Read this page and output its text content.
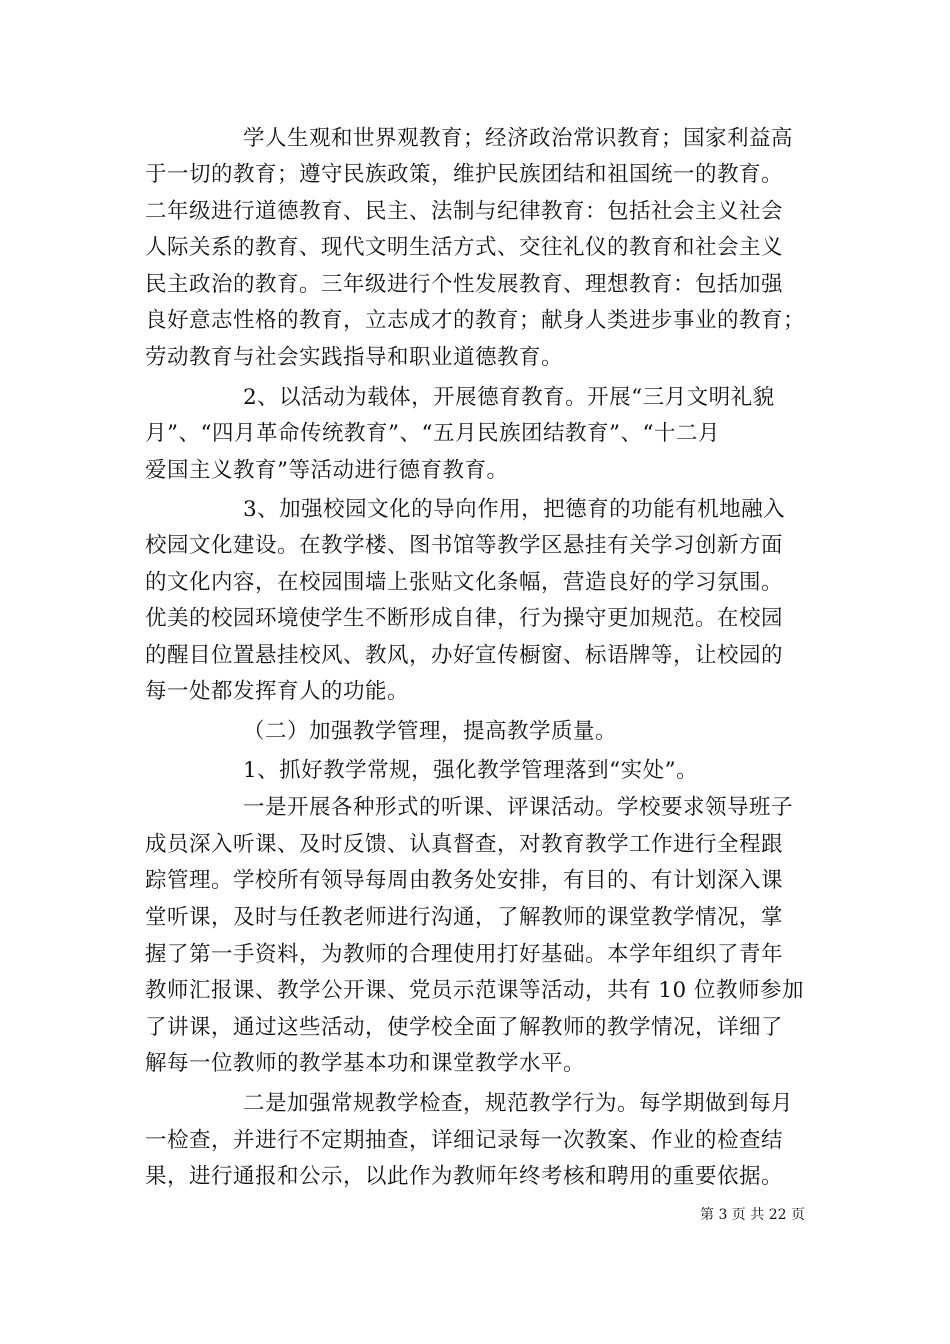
学人生观和世界观教育；经济政治常识教育；国家利益高
于一切的教育；遵守民族政策，维护民族团结和祖国统一的教育。
二年级进行道德教育、民主、法制与纪律教育：包括社会主义社会
人际关系的教育、现代文明生活方式、交往礼仪的教育和社会主义
民主政治的教育。三年级进行个性发展教育、理想教育：包括加强
良好意志性格的教育，立志成才的教育；献身人类进步事业的教育；
劳动教育与社会实践指导和职业道德教育。
2、以活动为载体，开展德育教育。开展“三月文明礼貌
月”、“四月革命传统教育”、“五月民族团结教育”、“十二月
爱国主义教育”等活动进行德育教育。
3、加强校园文化的导向作用，把德育的功能有机地融入
校园文化建设。在教学楼、图书馆等教学区悬挂有关学习创新方面
的文化内容，在校园围墙上张贴文化条幅，营造良好的学习氛围。
优美的校园环境使学生不断形成自律，行为操守更加规范。在校园
的醒目位置悬挂校风、教风，办好宣传橱窗、标语牌等，让校园的
每一处都发挥育人的功能。
（二）加强教学管理，提高教学质量。
1、抓好教学常规，强化教学管理落到“实处”。
一是开展各种形式的听课、评课活动。学校要求领导班子
成员深入听课、及时反馈、认真督查，对教育教学工作进行全程跟
踪管理。学校所有领导每周由教务处安排，有目的、有计划深入课
堂听课，及时与任教老师进行沟通，了解教师的课堂教学情况，掌
握了第一手资料，为教师的合理使用打好基础。本学年组织了青年
教师汇报课、教学公开课、党员示范课等活动，共有 10 位教师参加
了讲课，通过这些活动，使学校全面了解教师的教学情况，详细了
解每一位教师的教学基本功和课堂教学水平。
二是加强常规教学检查，规范教学行为。每学期做到每月
一检查，并进行不定期抽查，详细记录每一次教案、作业的检查结
果，进行通报和公示，以此作为教师年终考核和聘用的重要依据。
第 3 页 共 22 页
